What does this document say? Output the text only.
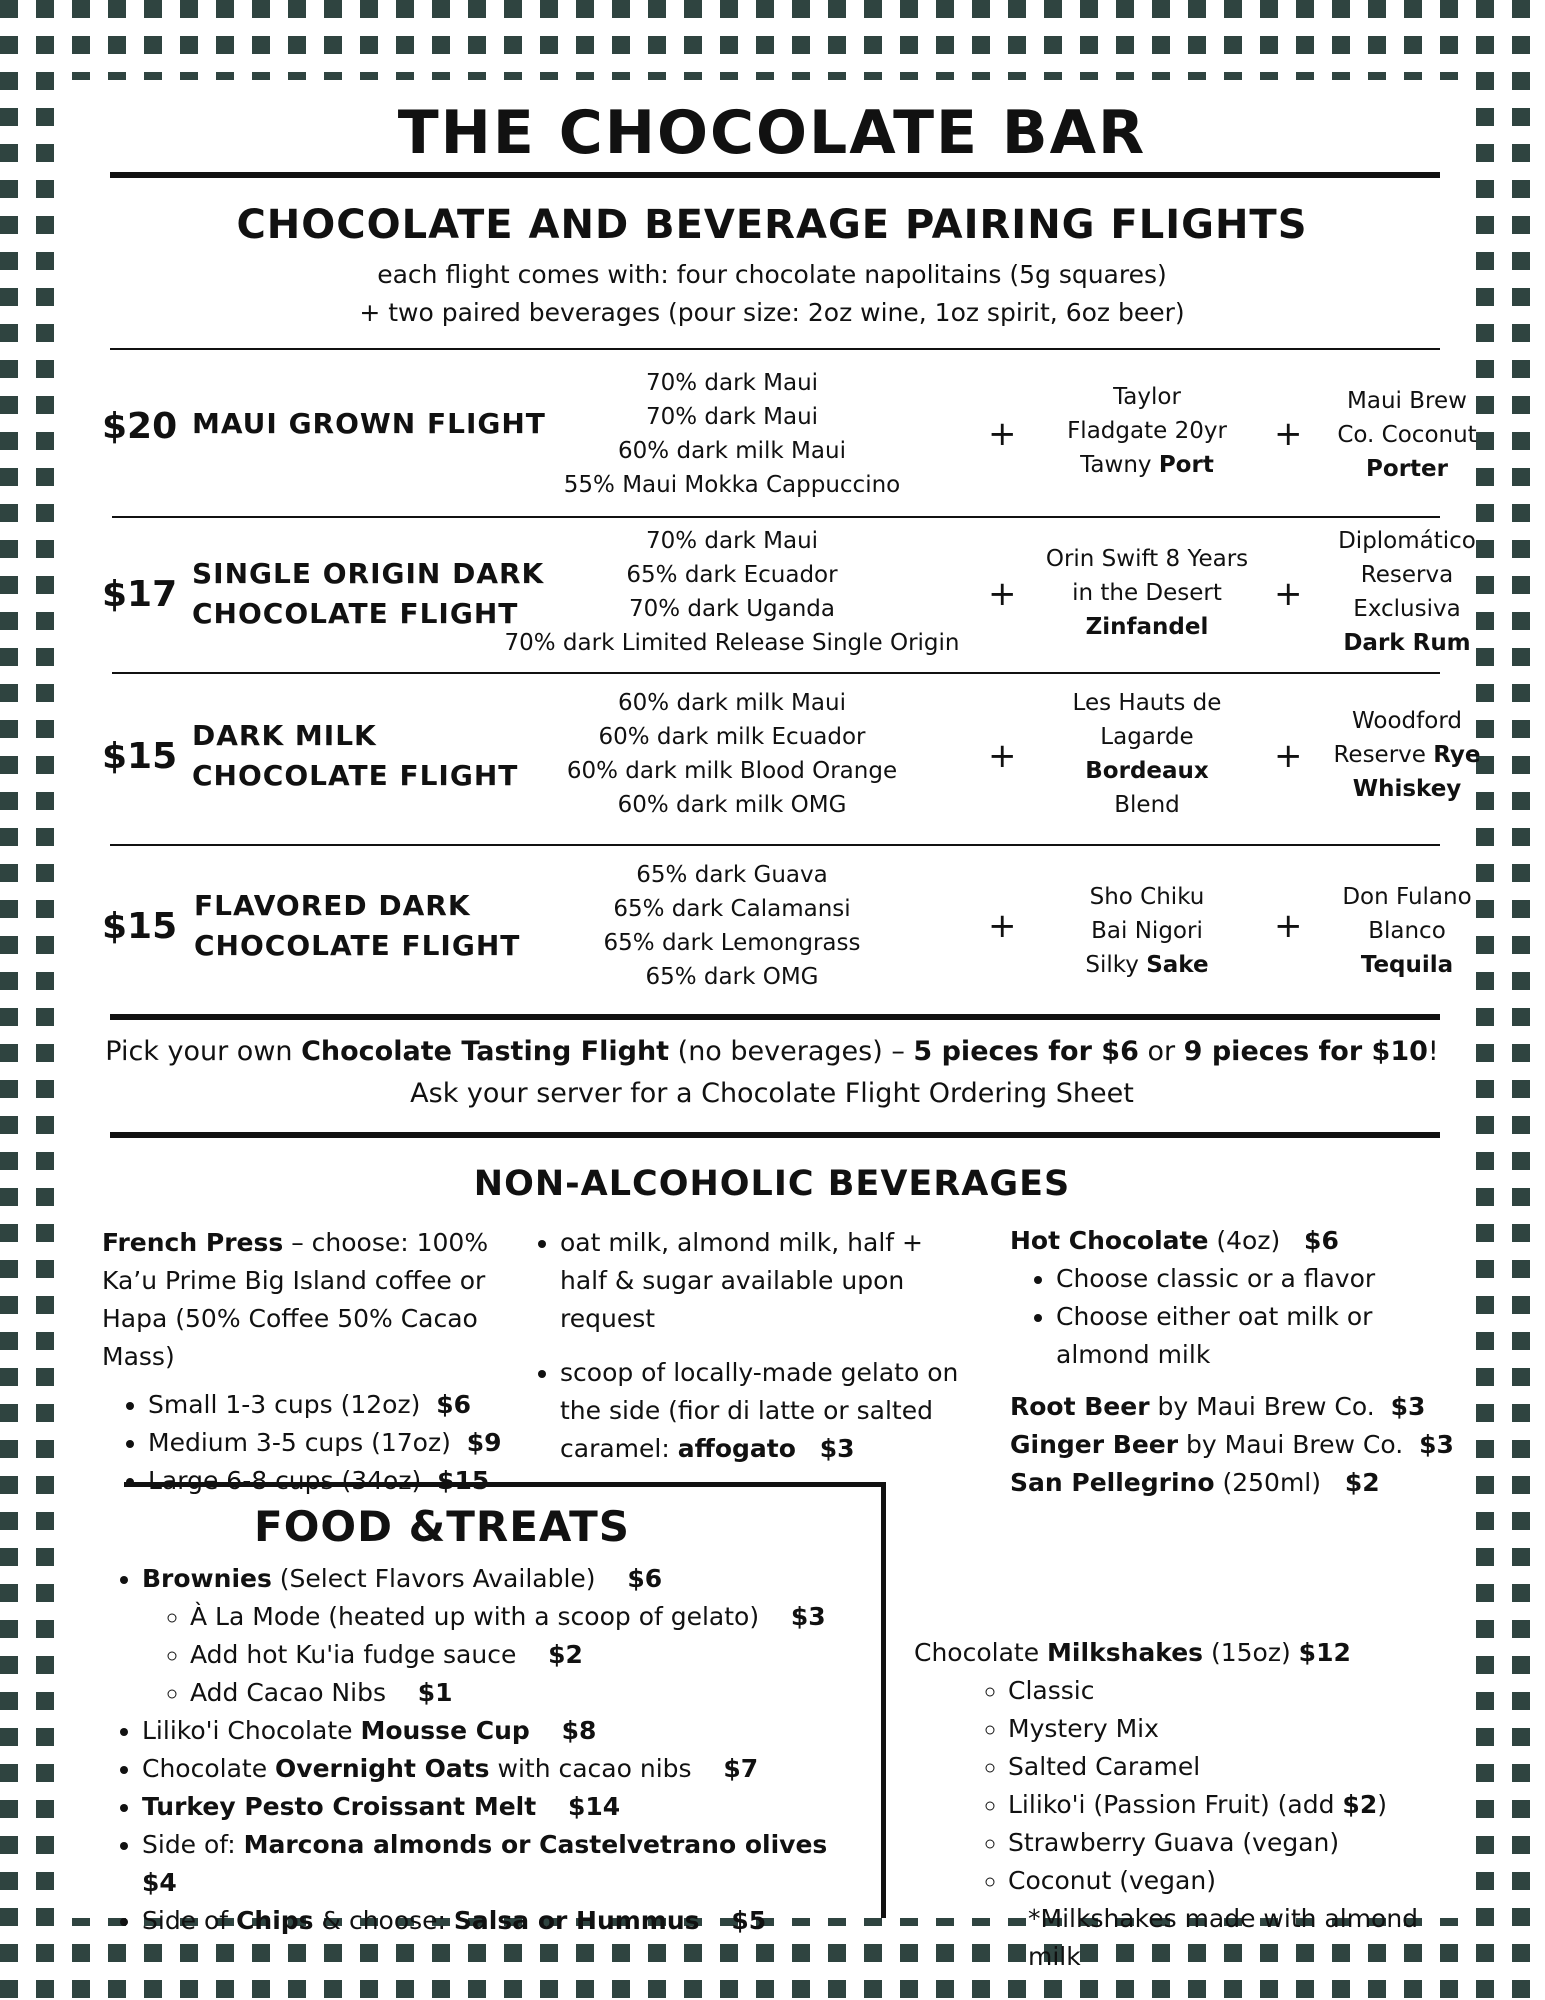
THE CHOCOLATE BAR
CHOCOLATE AND BEVERAGE PAIRING FLIGHTS
each flight comes with: four chocolate napolitains (5g squares)
+ two paired beverages (pour size: 2oz wine, 1oz spirit, 6oz beer)
$20 MAUI GROWN FLIGHT
70% dark Maui
70% dark Maui
60% dark milk Maui
55% Maui Mokka Cappuccino
+
Taylor
Fladgate 20yr
Tawny Port
+
Maui Brew
Co. Coconut
Porter
$17
SINGLE ORIGIN DARK
CHOCOLATE FLIGHT
70% dark Maui
65% dark Ecuador
70% dark Uganda
70% dark Limited Release Single Origin
+
Orin Swift 8 Years
in the Desert
Zinfandel
+
Diplomático
Reserva
Exclusiva
Dark Rum
$15
DARK MILK
CHOCOLATE FLIGHT
60% dark milk Maui
60% dark milk Ecuador
60% dark milk Blood Orange
60% dark milk OMG
+
Les Hauts de
Lagarde
Bordeaux
Blend
+
Woodford
Reserve Rye
Whiskey
$15
FLAVORED DARK
CHOCOLATE FLIGHT
65% dark Guava
65% dark Calamansi
65% dark Lemongrass
65% dark OMG
+
Sho Chiku
Bai Nigori
Silky Sake
+
Don Fulano
Blanco
Tequila
Pick your own Chocolate Tasting Flight (no beverages) – 5 pieces for $6 or 9 pieces for $10!
Ask your server for a Chocolate Flight Ordering Sheet
NON-ALCOHOLIC BEVERAGES
French Press – choose: 100% Ka’u Prime Big Island coffee or Hapa (50% Coffee 50% Cacao Mass)
• Small 1-3 cups (12oz) $6
• Medium 3-5 cups (17oz) $9
• Large 6-8 cups (34oz) $15
• oat milk, almond milk, half + half & sugar available upon request
• scoop of locally-made gelato on the side (fior di latte or salted caramel: affogato $3
Hot Chocolate (4oz) $6
• Choose classic or a flavor
• Choose either oat milk or almond milk
Root Beer by Maui Brew Co. $3
Ginger Beer by Maui Brew Co. $3
San Pellegrino (250ml) $2
FOOD &TREATS
• Brownies (Select Flavors Available) $6
◦ À La Mode (heated up with a scoop of gelato) $3
◦ Add hot Ku'ia fudge sauce $2
◦ Add Cacao Nibs $1
• Liliko'i Chocolate Mousse Cup $8
• Chocolate Overnight Oats with cacao nibs $7
• Turkey Pesto Croissant Melt $14
• Side of: Marcona almonds or Castelvetrano olives    $4
• Side of Chips & choose: Salsa or Hummus $5
Chocolate Milkshakes (15oz) $12
◦ Classic
◦ Mystery Mix
◦ Salted Caramel
◦ Liliko'i (Passion Fruit) (add $2)
◦ Strawberry Guava (vegan)
◦ Coconut (vegan)
*Milkshakes made with almond milk
